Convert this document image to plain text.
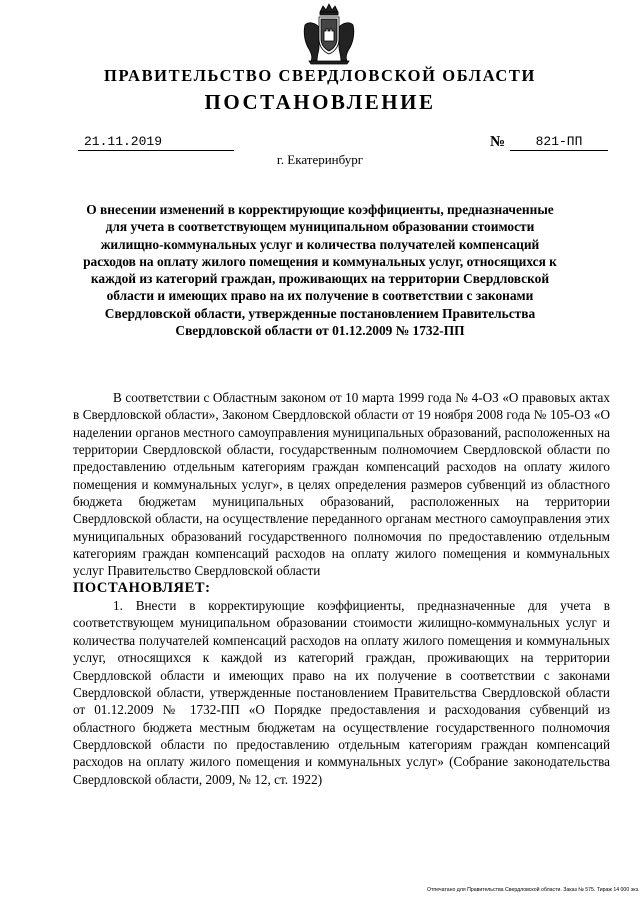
ПРАВИТЕЛЬСТВО СВЕРДЛОВСКОЙ ОБЛАСТИ
ПОСТАНОВЛЕНИЕ
21.11.2019	№	821-ПП
г. Екатеринбург
О внесении изменений в корректирующие коэффициенты, предназначенные для учета в соответствующем муниципальном образовании стоимости жилищно-коммунальных услуг и количества получателей компенсаций расходов на оплату жилого помещения и коммунальных услуг, относящихся к каждой из категорий граждан, проживающих на территории Свердловской области и имеющих право на их получение в соответствии с законами Свердловской области, утвержденные постановлением Правительства Свердловской области от 01.12.2009 № 1732-ПП

В соответствии с Областным законом от 10 марта 1999 года № 4-ОЗ «О правовых актах в Свердловской области», Законом Свердловской области от 19 ноября 2008 года № 105-ОЗ «О наделении органов местного самоуправления муниципальных образований, расположенных на территории Свердловской области, государственным полномочием Свердловской области по предоставлению отдельным категориям граждан компенсаций расходов на оплату жилого помещения и коммунальных услуг», в целях определения размеров субвенций из областного бюджета бюджетам муниципальных образований, расположенных на территории Свердловской области, на осуществление переданного органам местного самоуправления этих муниципальных образований государственного полномочия по предоставлению отдельным категориям граждан компенсаций расходов на оплату жилого помещения и коммунальных услуг Правительство Свердловской области

ПОСТАНОВЛЯЕТ:

1. Внести в корректирующие коэффициенты, предназначенные для учета в соответствующем муниципальном образовании стоимости жилищно-коммунальных услуг и количества получателей компенсаций расходов на оплату жилого помещения и коммунальных услуг, относящихся к каждой из категорий граждан, проживающих на территории Свердловской области и имеющих право на их получение в соответствии с законами Свердловской области, утвержденные постановлением Правительства Свердловской области от 01.12.2009 № 1732-ПП «О Порядке предоставления и расходования субвенций из областного бюджета местным бюджетам на осуществление государственного полномочия Свердловской области по предоставлению отдельным категориям граждан компенсаций расходов на оплату жилого помещения и коммунальных услуг» (Собрание законодательства Свердловской области, 2009, № 12, ст. 1922)

Отпечатано для Правительства Свердловской области. Заказ № 575. Тираж 14 000 экз.
